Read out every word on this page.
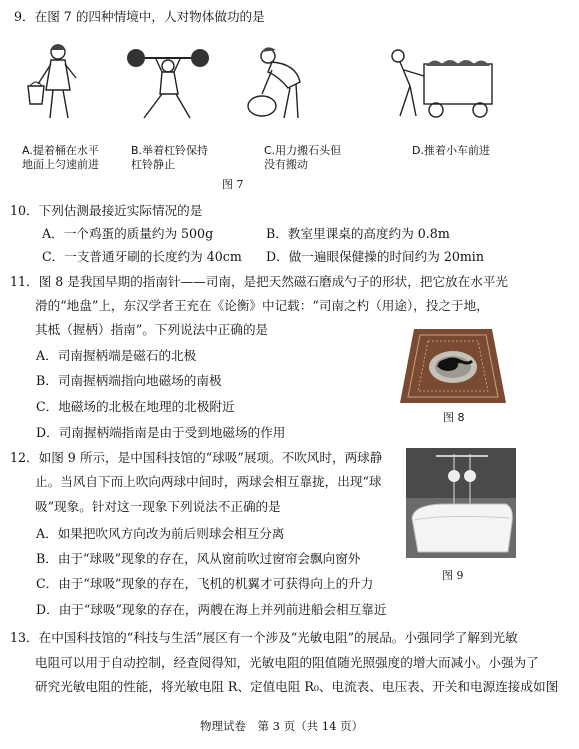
9．在图 7 的四种情境中，人对物体做功的是
A.提着桶在水平地面上匀速前进
B.举着杠铃保持杠铃静止
C.用力搬石头但没有搬动
D.推着小车前进
图 7
10．下列估测最接近实际情况的是
A．一个鸡蛋的质量约为 500g	B．教室里课桌的高度约为 0.8m
C．一支普通牙刷的长度约为 40cm D．做一遍眼保健操的时间约为 20min
11．图 8 是我国早期的指南针——司南，是把天然磁石磨成勺子的形状，把它放在水平光
滑的“地盘”上，东汉学者王充在《论衡》中记载：“司南之杓（用途），投之于地，
其柢（握柄）指南”。下列说法中正确的是
A．司南握柄端是磁石的北极
B．司南握柄端指向地磁场的南极
C．地磁场的北极在地理的北极附近
D．司南握柄端指南是由于受到地磁场的作用
图 8
12．如图 9 所示，是中国科技馆的“球吸”展项。不吹风时，两球静
止。当风自下而上吹向两球中间时，两球会相互靠拢，出现“球
吸”现象。针对这一现象下列说法不正确的是
A．如果把吹风方向改为前后则球会相互分离
B．由于“球吸”现象的存在，风从窗前吹过窗帘会飘向窗外
C．由于“球吸”现象的存在，飞机的机翼才可获得向上的升力
D．由于“球吸”现象的存在，两艘在海上并列前进船会相互靠近
图 9
13．在中国科技馆的“科技与生活”展区有一个涉及“光敏电阻”的展品。小强同学了解到光敏
电阻可以用于自动控制，经查阅得知，光敏电阻的阻值随光照强度的增大而减小。小强为了
研究光敏电阻的性能，将光敏电阻 R、定值电阻 R₀、电流表、电压表、开关和电源连接成如图
物理试卷　第 3 页（共 14 页）
